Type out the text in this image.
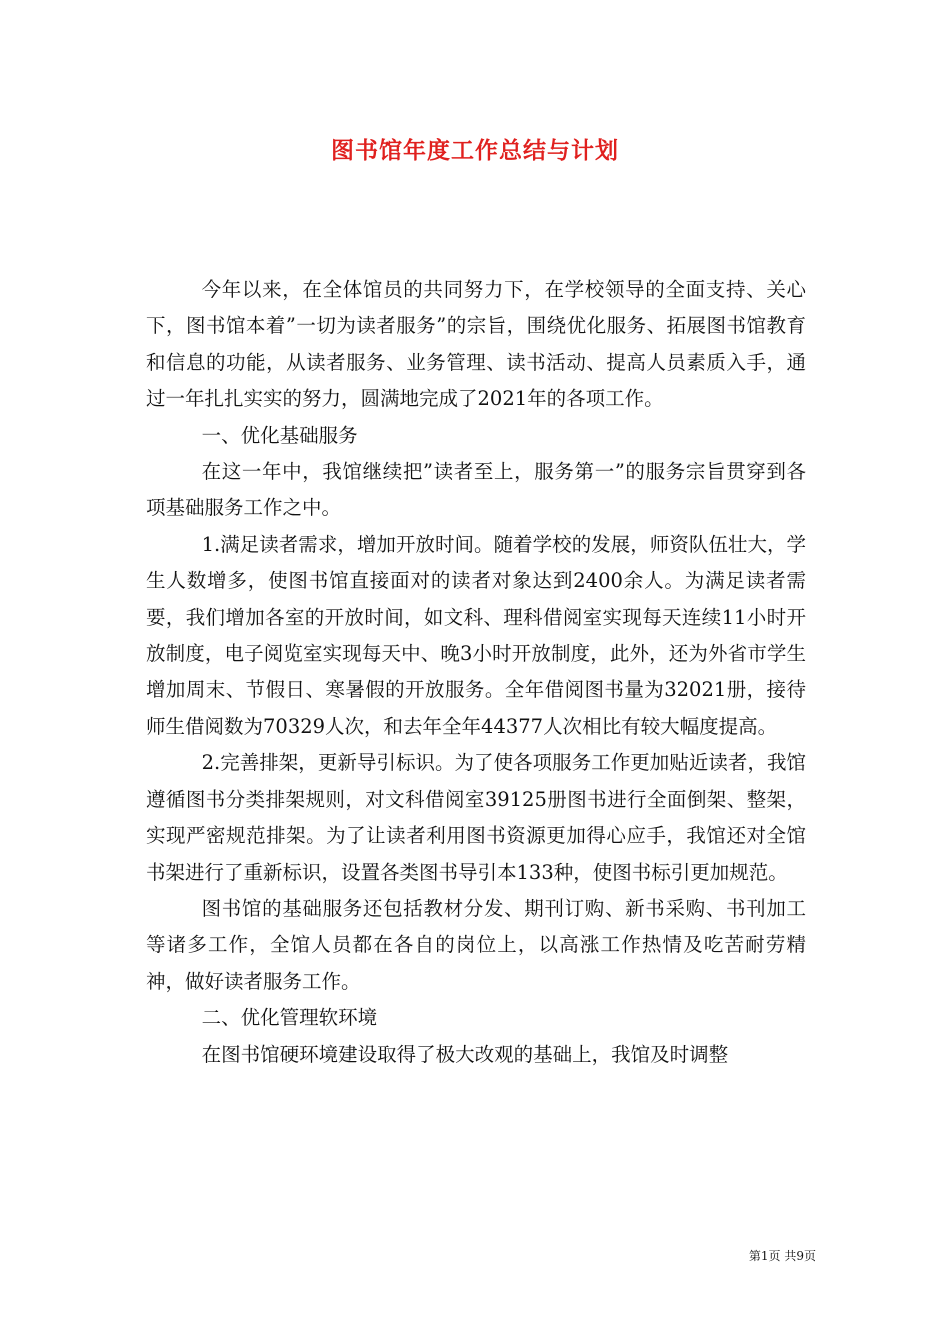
图书馆年度工作总结与计划

今年以来，在全体馆员的共同努力下，在学校领导的全面支持、关心下，图书馆本着”一切为读者服务”的宗旨，围绕优化服务、拓展图书馆教育和信息的功能，从读者服务、业务管理、读书活动、提高人员素质入手，通过一年扎扎实实的努力，圆满地完成了2021年的各项工作。

一、优化基础服务

在这一年中，我馆继续把”读者至上，服务第一”的服务宗旨贯穿到各项基础服务工作之中。

1.满足读者需求，增加开放时间。随着学校的发展，师资队伍壮大，学生人数增多，使图书馆直接面对的读者对象达到2400余人。为满足读者需要，我们增加各室的开放时间，如文科、理科借阅室实现每天连续11小时开放制度，电子阅览室实现每天中、晚3小时开放制度，此外，还为外省市学生增加周末、节假日、寒暑假的开放服务。全年借阅图书量为32021册，接待师生借阅数为70329人次，和去年全年44377人次相比有较大幅度提高。

2.完善排架，更新导引标识。为了使各项服务工作更加贴近读者，我馆遵循图书分类排架规则，对文科借阅室39125册图书进行全面倒架、整架，实现严密规范排架。为了让读者利用图书资源更加得心应手，我馆还对全馆书架进行了重新标识，设置各类图书导引本133种，使图书标引更加规范。

图书馆的基础服务还包括教材分发、期刊订购、新书采购、书刊加工等诸多工作，全馆人员都在各自的岗位上，以高涨工作热情及吃苦耐劳精神，做好读者服务工作。

二、优化管理软环境

在图书馆硬环境建设取得了极大改观的基础上，我馆及时调整

第1页 共9页
